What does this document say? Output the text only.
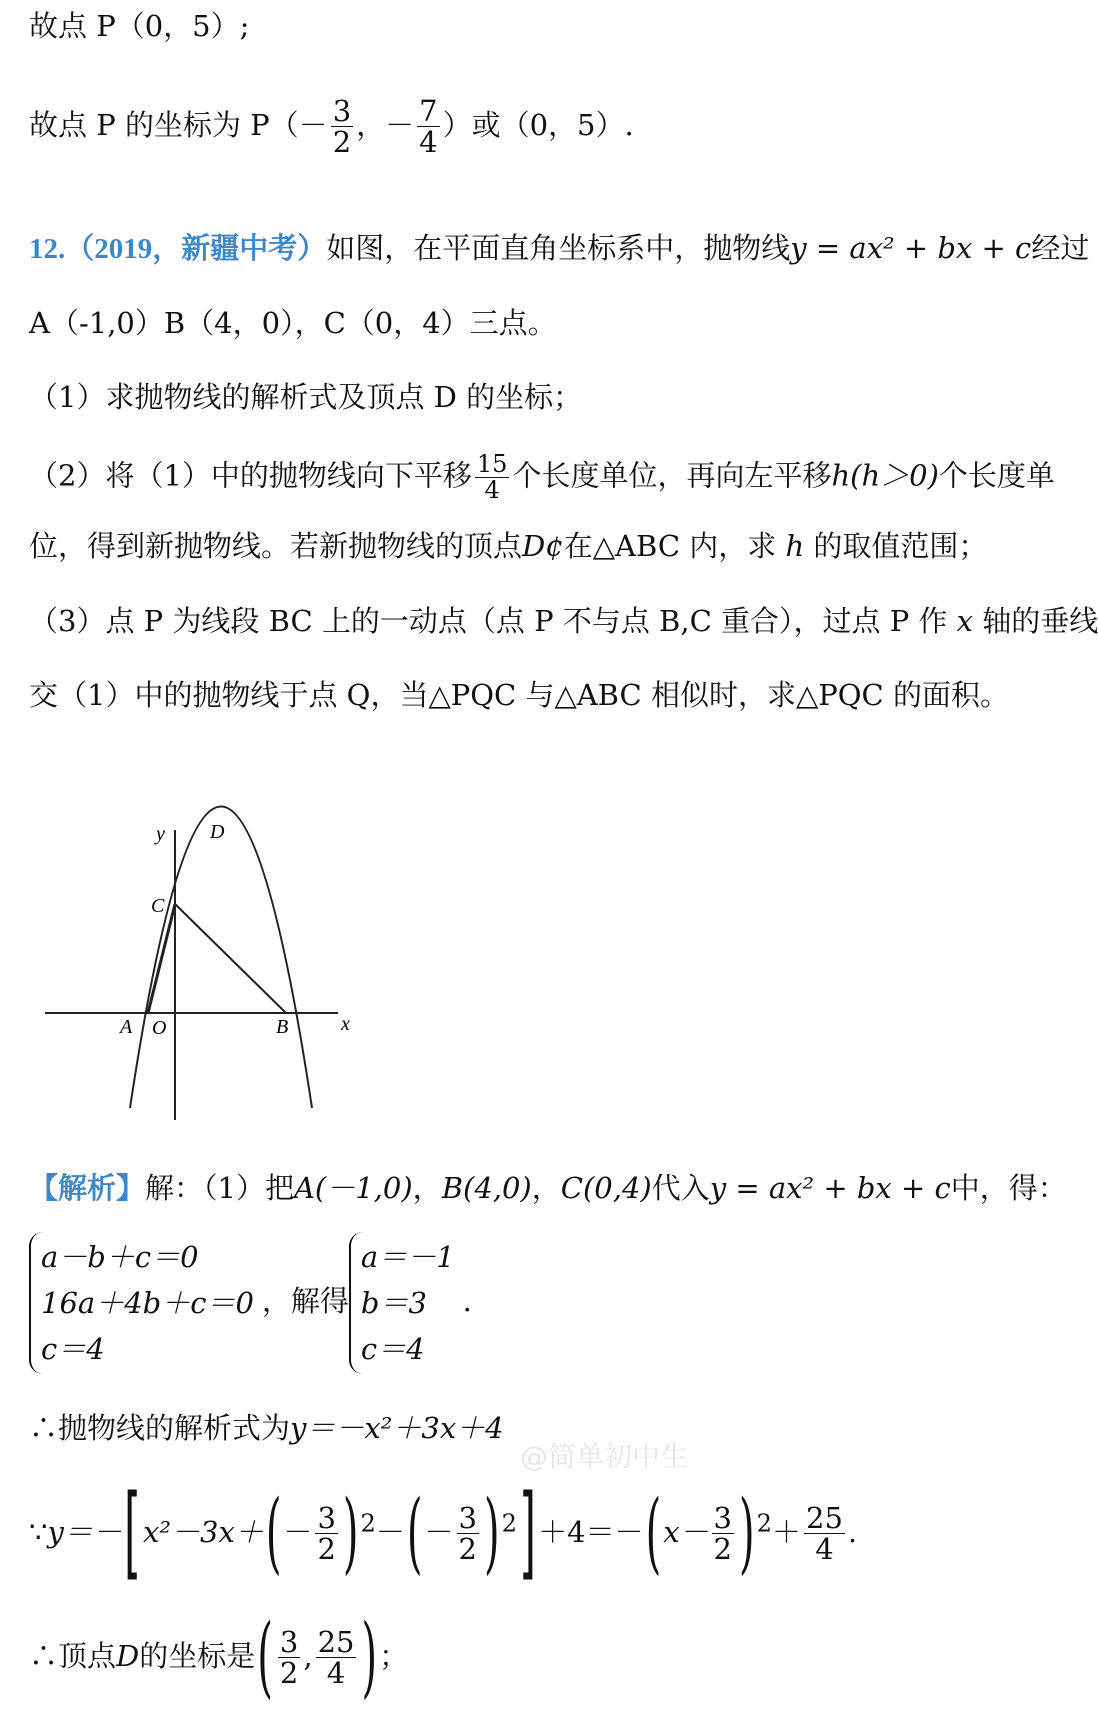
故点 P（0，5）;
故点 P 的坐标为 $P(- \frac{3}{2}$ ，－ $\frac{7}{4}$ ）或（0，5）.
12.（2019，新疆中考）如图，在平面直角坐标系中，抛物线y = ax² + bx + c经过
A（-1,0）B（4，0），C（0，4）三点。
（1）求抛物线的解析式及顶点 D 的坐标；
（2）将（1）中的抛物线向下平移 $\frac{15}{4}$ 个长度单位，再向左平移h(h＞0)个长度单
位，得到新抛物线。若新抛物线的顶点D¢在△ABC 内，求 h 的取值范围；
（3）点 P 为线段 BC 上的一动点（点 P 不与点 B,C 重合），过点 P 作 x 轴的垂线
交（1）中的抛物线于点 Q，当△PQC 与△ABC 相似时，求△PQC 的面积。
y D
C
A O	B	x
【解析】解：（1）把A(－1,0)，B(4,0)，C(0,4)代入y = ax² + bx + c中，得：
a－b＋c＝0
16a＋4b＋c＝0
c＝4
，解得
a＝－1
b＝3
c＝4
.
∴抛物线的解析式为y＝－x²＋3x＋4
@简单初中生
∵y＝－[x²－3x＋(－ $\frac{3}{2} )^2-(- \frac{3}{2} )^2]+4=-(x- \frac{3}{2} )^2+ \frac{25}{4}$ .
∴顶点D的坐标是( $\frac{3}{2}$ , $\frac{25}{4}$ )；
